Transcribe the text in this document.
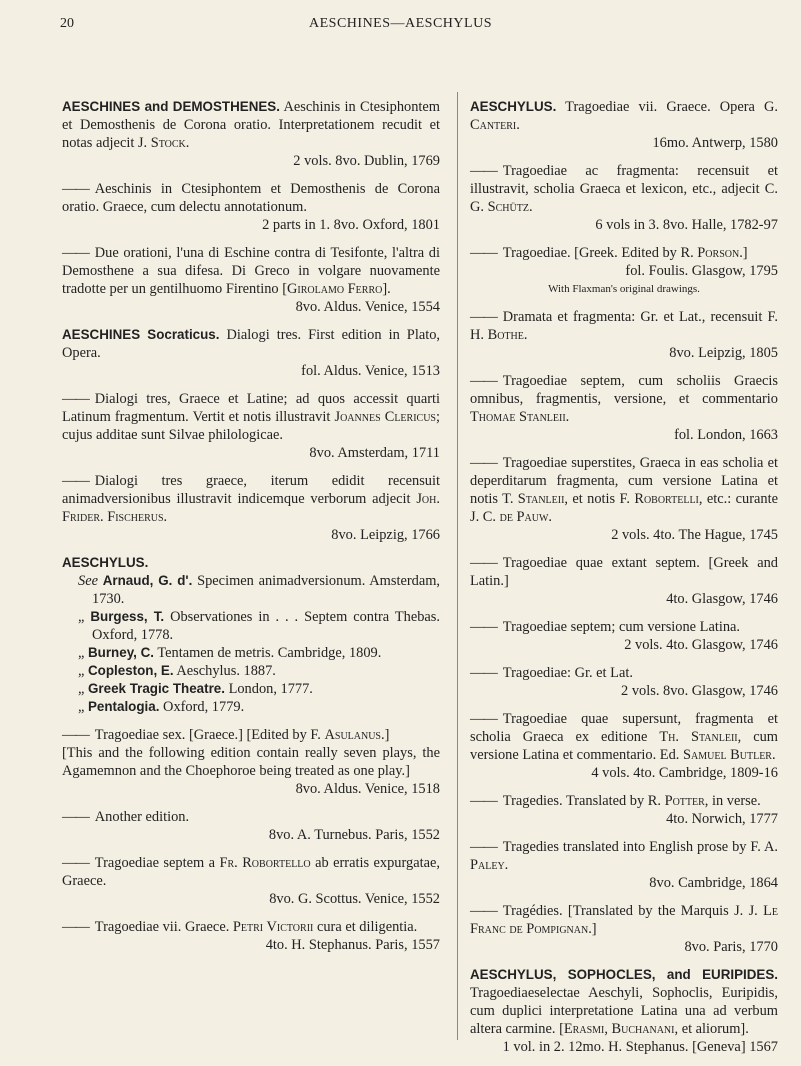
20	AESCHINES—AESCHYLUS

AESCHINES and DEMOSTHENES. Aeschinis in Ctesiphontem et Demosthenis de Corona oratio. Interpretationem recudit et notas adjecit J. Stock.

2 vols. 8vo. Dublin, 1769

—— Aeschinis in Ctesiphontem et Demosthenis de Corona oratio. Graece, cum delectu annotationum.

2 parts in 1. 8vo. Oxford, 1801

—— Due orationi, l'una di Eschine contra di Tesifonte, l'altra di Demosthene a sua difesa. Di Greco in volgare nuovamente tradotte per un gentilhuomo Firentino [Girolamo Ferro].

8vo. Aldus. Venice, 1554

AESCHINES Socraticus. Dialogi tres. First edition in Plato, Opera.

fol. Aldus. Venice, 1513

—— Dialogi tres, Graece et Latine; ad quos accessit quarti Latinum fragmentum. Vertit et notis illustravit Joannes Clericus; cujus additae sunt Silvae philologicae.

8vo. Amsterdam, 1711

—— Dialogi tres graece, iterum edidit recensuit animadversionibus illustravit indicemque verborum adjecit Joh. Frider. Fischerus.

8vo. Leipzig, 1766

AESCHYLUS.

See Arnaud, G. d'. Specimen animadversionum. Amsterdam, 1730.

„ Burgess, T. Observationes in . . . Septem contra Thebas. Oxford, 1778.

„ Burney, C. Tentamen de metris. Cambridge, 1809.

„ Copleston, E. Aeschylus. 1887.

„ Greek Tragic Theatre. London, 1777.

„ Pentalogia. Oxford, 1779.

—— Tragoediae sex. [Graece.] [Edited by F. Asulanus.]

[This and the following edition contain really seven plays, the Agamemnon and the Choephoroe being treated as one play.]

8vo. Aldus. Venice, 1518

—— Another edition.

8vo. A. Turnebus. Paris, 1552

—— Tragoediae septem a Fr. Robortello ab erratis expurgatae, Graece.

8vo. G. Scottus. Venice, 1552

—— Tragoediae vii. Graece. Petri Victorii cura et diligentia.

4to. H. Stephanus. Paris, 1557

AESCHYLUS. Tragoediae vii. Graece. Opera G. Canteri.

16mo. Antwerp, 1580

—— Tragoediae ac fragmenta: recensuit et illustravit, scholia Graeca et lexicon, etc., adjecit C. G. Schütz.

6 vols in 3. 8vo. Halle, 1782-97

—— Tragoediae. [Greek. Edited by R. Porson.]

fol. Foulis. Glasgow, 1795

With Flaxman's original drawings.

—— Dramata et fragmenta: Gr. et Lat., recensuit F. H. Bothe.

8vo. Leipzig, 1805

—— Tragoediae septem, cum scholiis Graecis omnibus, fragmentis, versione, et commentario Thomae Stanleii.

fol. London, 1663

—— Tragoediae superstites, Graeca in eas scholia et deperditarum fragmenta, cum versione Latina et notis T. Stanleii, et notis F. Robortelli, etc.: curante J. C. de Pauw.

2 vols. 4to. The Hague, 1745

—— Tragoediae quae extant septem. [Greek and Latin.]

4to. Glasgow, 1746

—— Tragoediae septem; cum versione Latina.

2 vols. 4to. Glasgow, 1746

—— Tragoediae: Gr. et Lat.

2 vols. 8vo. Glasgow, 1746

—— Tragoediae quae supersunt, fragmenta et scholia Graeca ex editione Th. Stanleii, cum versione Latina et commentario. Ed. Samuel Butler.

4 vols. 4to. Cambridge, 1809-16

—— Tragedies. Translated by R. Potter, in verse.

4to. Norwich, 1777

—— Tragedies translated into English prose by F. A. Paley.

8vo. Cambridge, 1864

—— Tragédies. [Translated by the Marquis J. J. Le Franc de Pompignan.]

8vo. Paris, 1770

AESCHYLUS, SOPHOCLES, and EURIPIDES. Tragoediaeselectae Aeschyli, Sophoclis, Euripidis, cum duplici interpretatione Latina una ad verbum altera carmine. [Erasmi, Buchanani, et aliorum].

1 vol. in 2. 12mo. H. Stephanus. [Geneva] 1567
